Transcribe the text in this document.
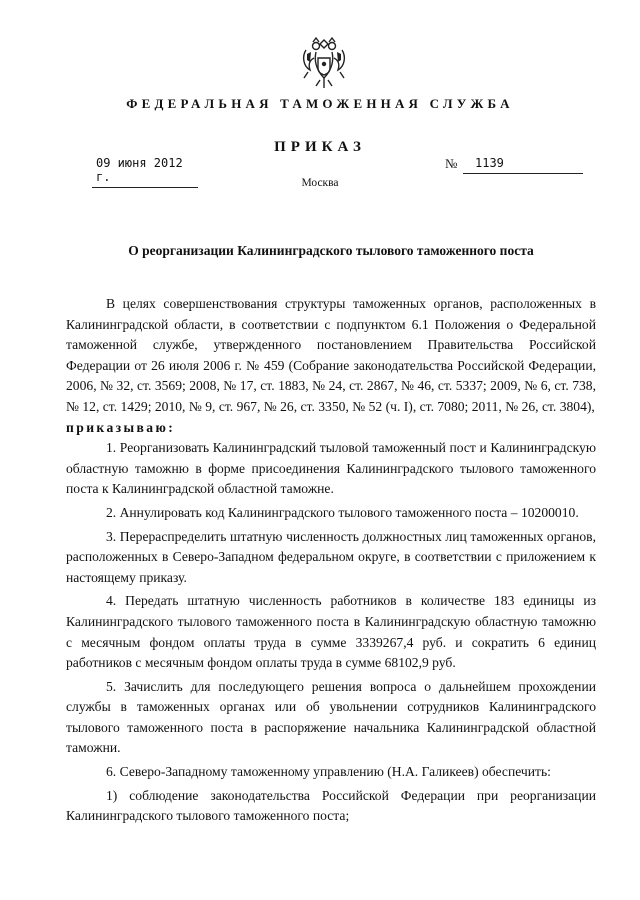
ФЕДЕРАЛЬНАЯ ТАМОЖЕННАЯ СЛУЖБА
ПРИКАЗ
09 июня 2012 г.
№	1139
Москва
О реорганизации Калининградского тылового таможенного поста

В целях совершенствования структуры таможенных органов, расположенных в Калининградской области, в соответствии с подпунктом 6.1 Положения о Федеральной таможенной службе, утвержденного постановлением Правительства Российской Федерации от 26 июля 2006 г. № 459 (Собрание законодательства Российской Федерации, 2006, № 32, ст. 3569; 2008, № 17, ст. 1883, № 24, ст. 2867, № 46, ст. 5337; 2009, № 6, ст. 738, № 12, ст. 1429; 2010, № 9, ст. 967, № 26, ст. 3350, № 52 (ч. I), ст. 7080; 2011, № 26, ст. 3804),

приказываю:

1. Реорганизовать Калининградский тыловой таможенный пост и Калининградскую областную таможню в форме присоединения Калининградского тылового таможенного поста к Калининградской областной таможне.

2. Аннулировать код Калининградского тылового таможенного поста – 10200010.

3. Перераспределить штатную численность должностных лиц таможенных органов, расположенных в Северо-Западном федеральном округе, в соответствии с приложением к настоящему приказу.

4. Передать штатную численность работников в количестве 183 единицы из Калининградского тылового таможенного поста в Калининградскую областную таможню с месячным фондом оплаты труда в сумме 3339267,4 руб. и сократить 6 единиц работников с месячным фондом оплаты труда в сумме 68102,9 руб.

5. Зачислить для последующего решения вопроса о дальнейшем прохождении службы в таможенных органах или об увольнении сотрудников Калининградского тылового таможенного поста в распоряжение начальника Калининградской областной таможни.

6. Северо-Западному таможенному управлению (Н.А. Галикеев) обеспечить:

1) соблюдение законодательства Российской Федерации при реорганизации Калининградского тылового таможенного поста;
